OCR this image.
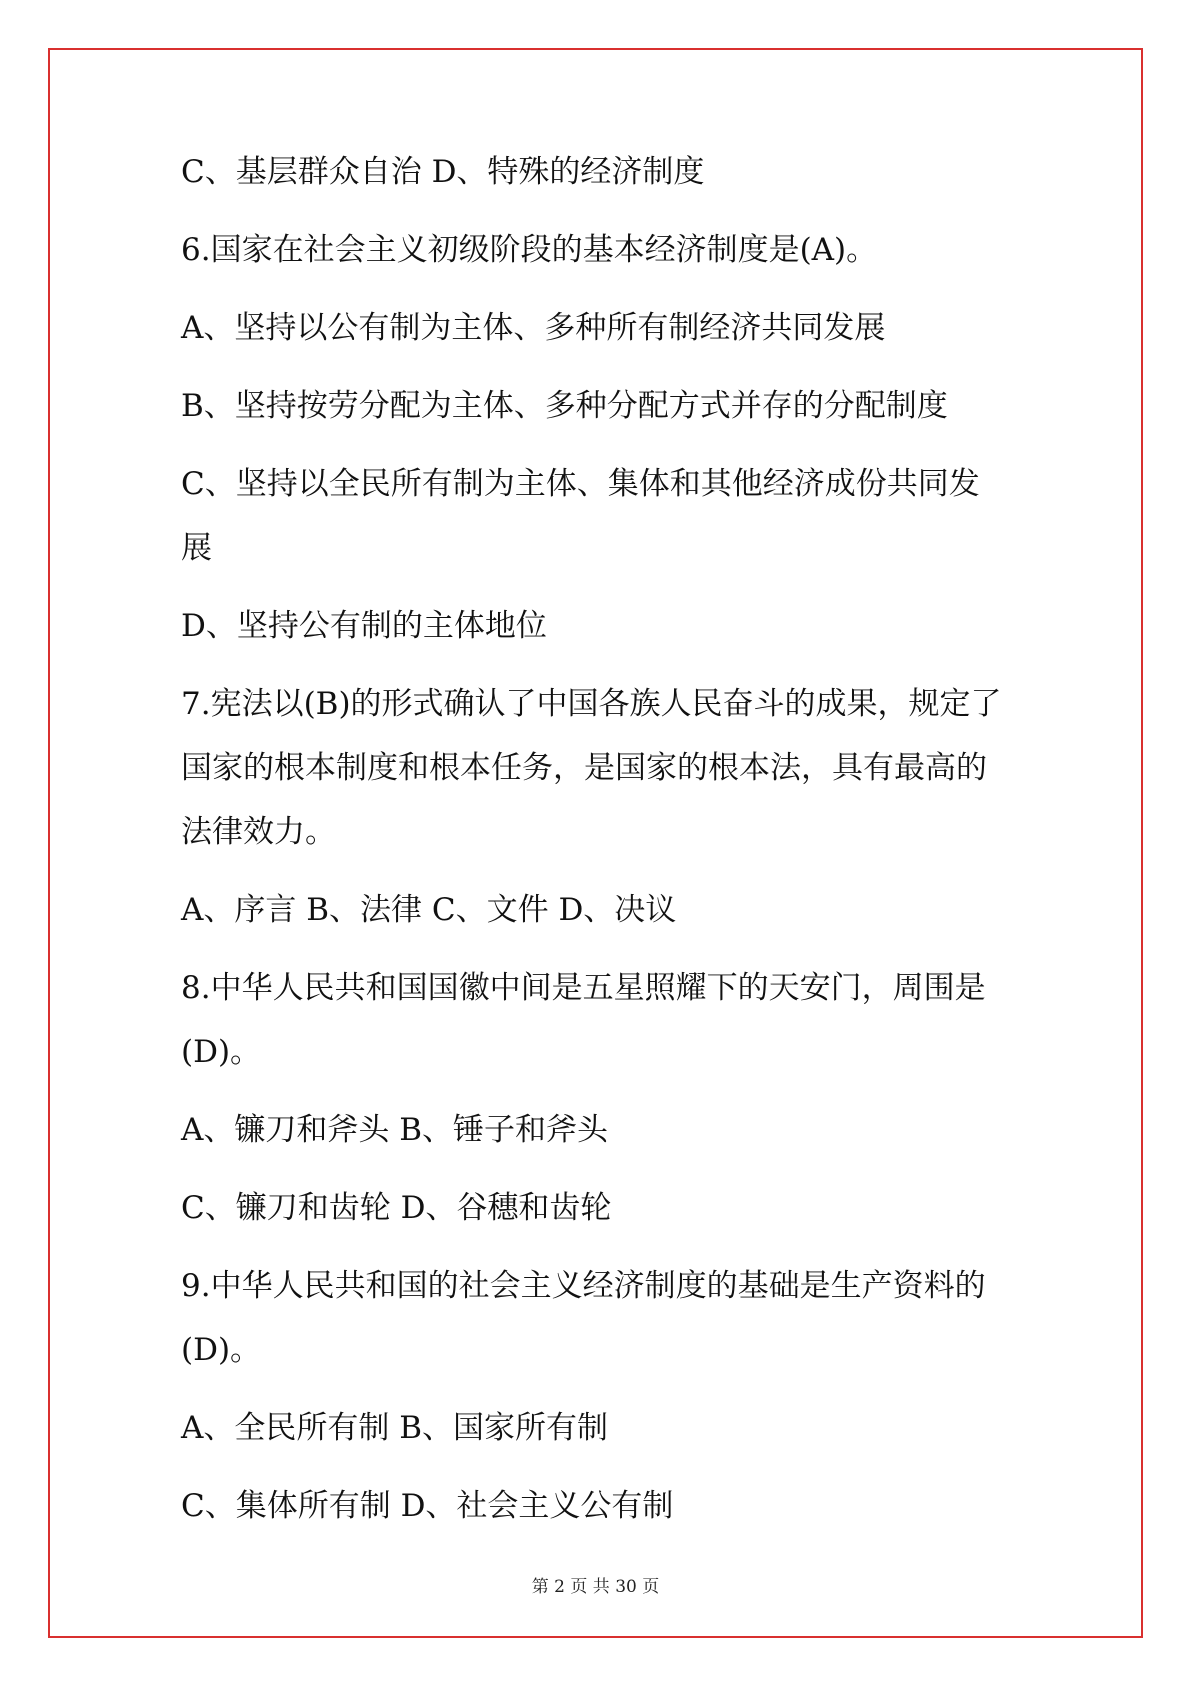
C、基层群众自治 D、特殊的经济制度
6.国家在社会主义初级阶段的基本经济制度是(A)。
A、坚持以公有制为主体、多种所有制经济共同发展
B、坚持按劳分配为主体、多种分配方式并存的分配制度
C、坚持以全民所有制为主体、集体和其他经济成份共同发
展
D、坚持公有制的主体地位
7.宪法以(B)的形式确认了中国各族人民奋斗的成果，规定了
国家的根本制度和根本任务，是国家的根本法，具有最高的
法律效力。
A、序言 B、法律 C、文件 D、决议
8.中华人民共和国国徽中间是五星照耀下的天安门，周围是
(D)。
A、镰刀和斧头 B、锤子和斧头
C、镰刀和齿轮 D、谷穗和齿轮
9.中华人民共和国的社会主义经济制度的基础是生产资料的
(D)。
A、全民所有制 B、国家所有制
C、集体所有制 D、社会主义公有制
第 2 页 共 30 页
